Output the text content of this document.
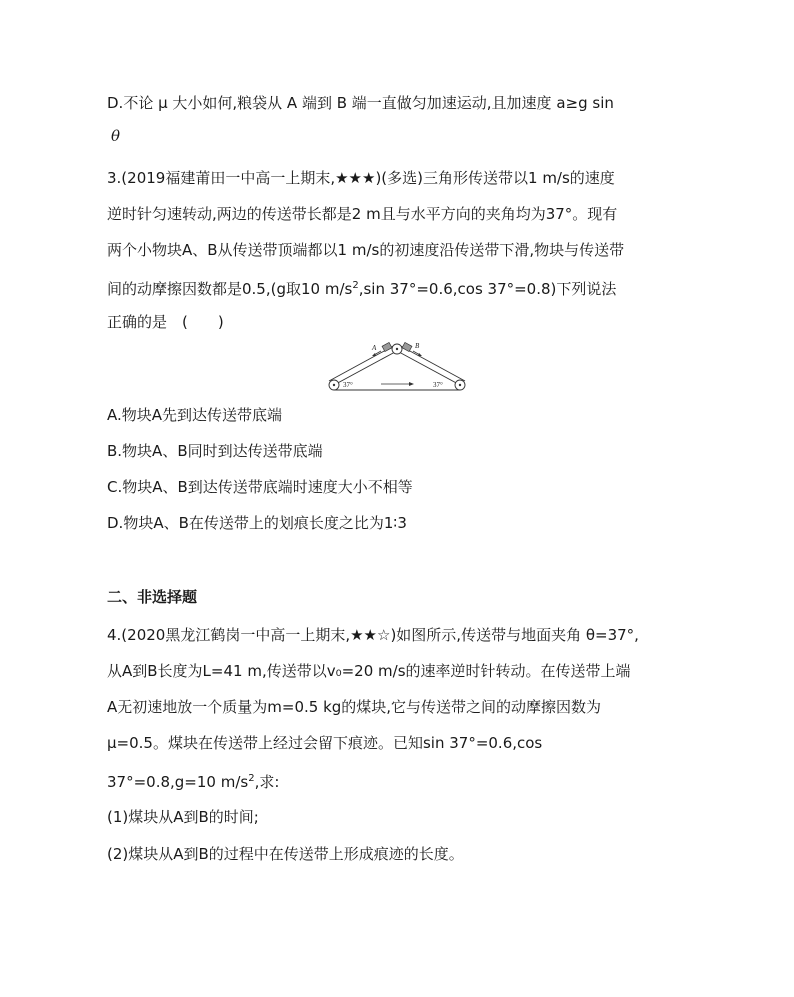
D.不论 μ 大小如何,粮袋从 A 端到 B 端一直做匀加速运动,且加速度 a≥g sin
θ
3.(2019福建莆田一中高一上期末,★★★)(多选)三角形传送带以1 m/s的速度
逆时针匀速转动,两边的传送带长都是2 m且与水平方向的夹角均为37°。现有
两个小物块A、B从传送带顶端都以1 m/s的初速度沿传送带下滑,物块与传送带
间的动摩擦因数都是0.5,(g取10 $m/s^2,\sin$ 37°=0.6,cos 37°=0.8)下列说法
正确的是　(　　)
A	B
37°	37°
A.物块A先到达传送带底端
B.物块A、B同时到达传送带底端
C.物块A、B到达传送带底端时速度大小不相等
D.物块A、B在传送带上的划痕长度之比为1∶3
二、非选择题
4.(2020黑龙江鹤岗一中高一上期末,★★☆)如图所示,传送带与地面夹角 θ=37°,
从A到B长度为L=41 m,传送带以v₀=20 m/s的速率逆时针转动。在传送带上端
A无初速地放一个质量为m=0.5 kg的煤块,它与传送带之间的动摩擦因数为
μ=0.5。煤块在传送带上经过会留下痕迹。已知sin 37°=0.6,cos
37°=0.8,g=10 $m/s^2$,求:
(1)煤块从A到B的时间;
(2)煤块从A到B的过程中在传送带上形成痕迹的长度。
